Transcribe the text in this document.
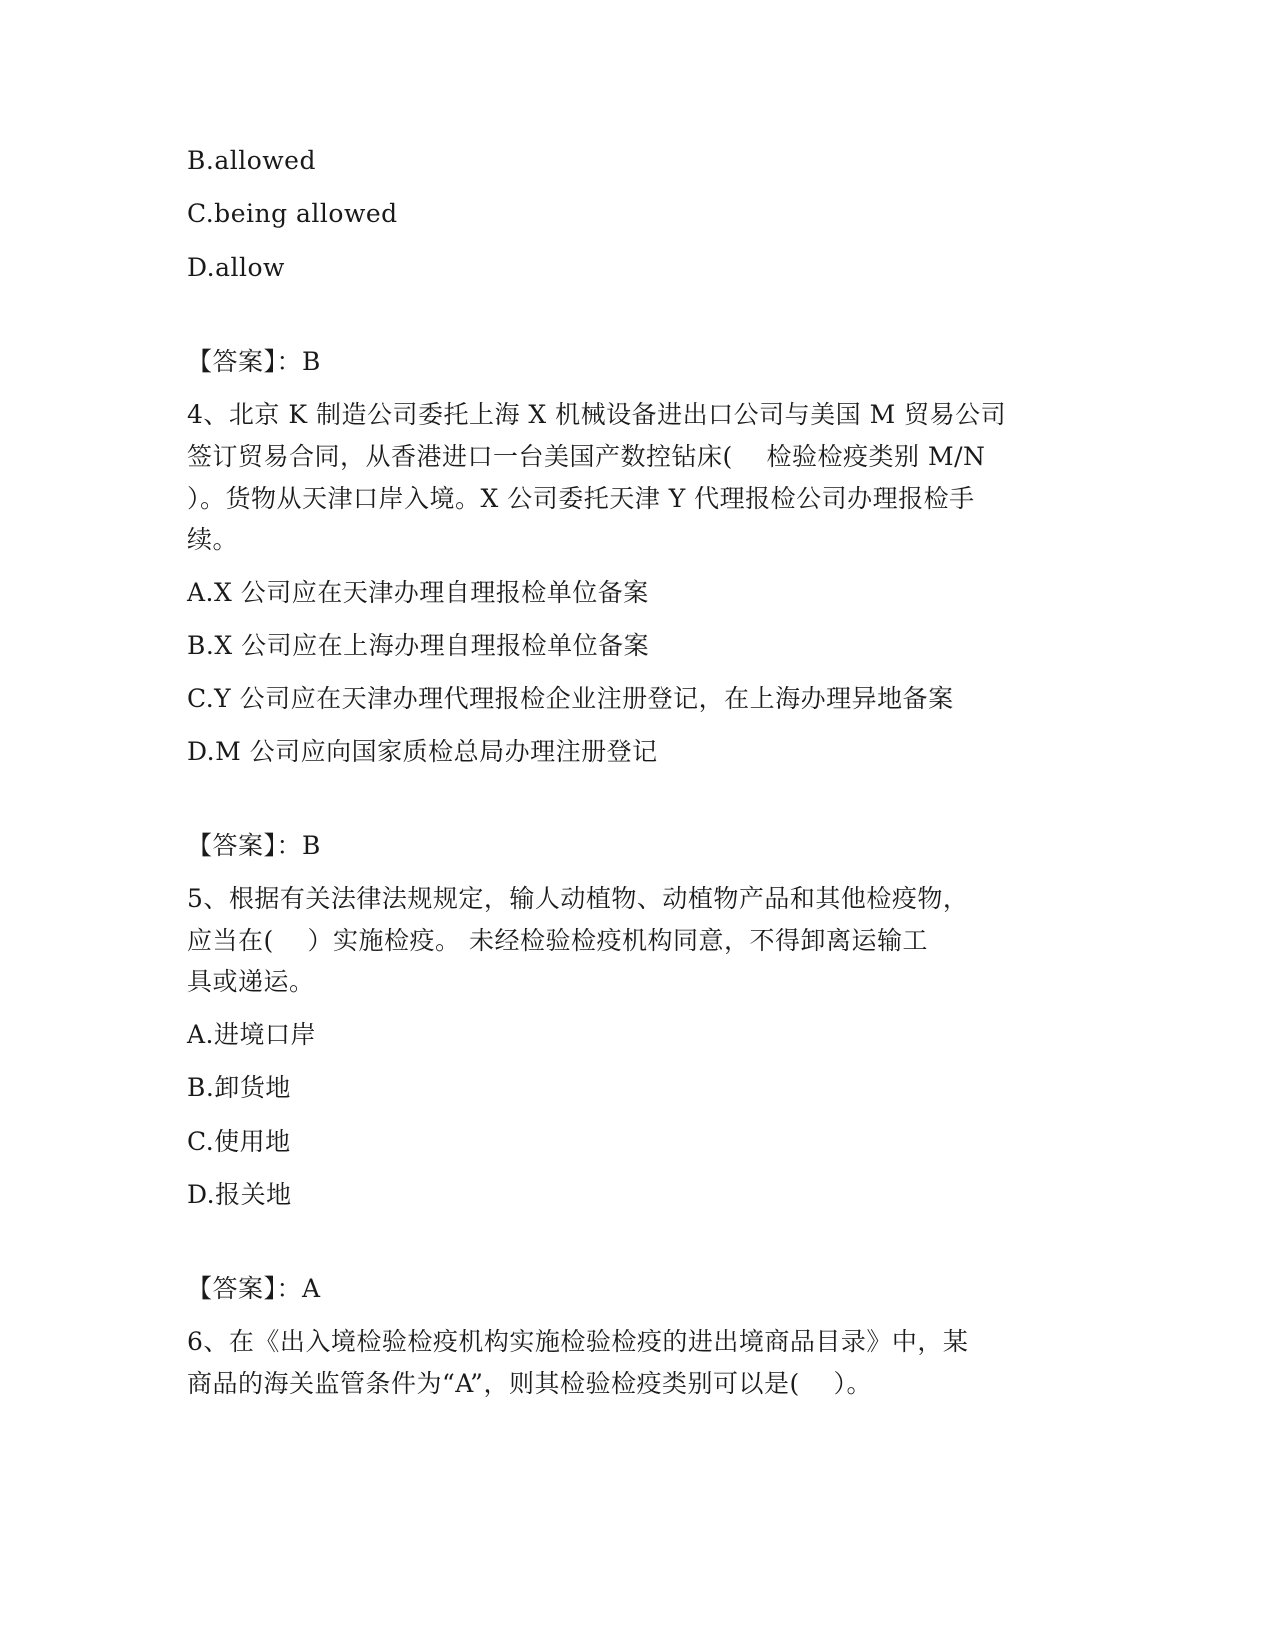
B.allowed
C.being allowed
D.allow
【答案】：B
4、北京 K 制造公司委托上海 X 机械设备进出口公司与美国 M 贸易公司
签订贸易合同，从香港进口一台美国产数控钻床(    检验检疫类别 M/N
）。货物从天津口岸入境。X 公司委托天津 Y 代理报检公司办理报检手
续。
A.X 公司应在天津办理自理报检单位备案
B.X 公司应在上海办理自理报检单位备案
C.Y 公司应在天津办理代理报检企业注册登记，在上海办理异地备案
D.M 公司应向国家质检总局办理注册登记
【答案】：B
5、根据有关法律法规规定，输人动植物、动植物产品和其他检疫物，
应当在(    ）实施检疫。 未经检验检疫机构同意，不得卸离运输工
具或递运。
A.进境口岸
B.卸货地
C.使用地
D.报关地
【答案】：A
6、在《出入境检验检疫机构实施检验检疫的进出境商品目录》中，某
商品的海关监管条件为“A”，则其检验检疫类别可以是(    ）。
